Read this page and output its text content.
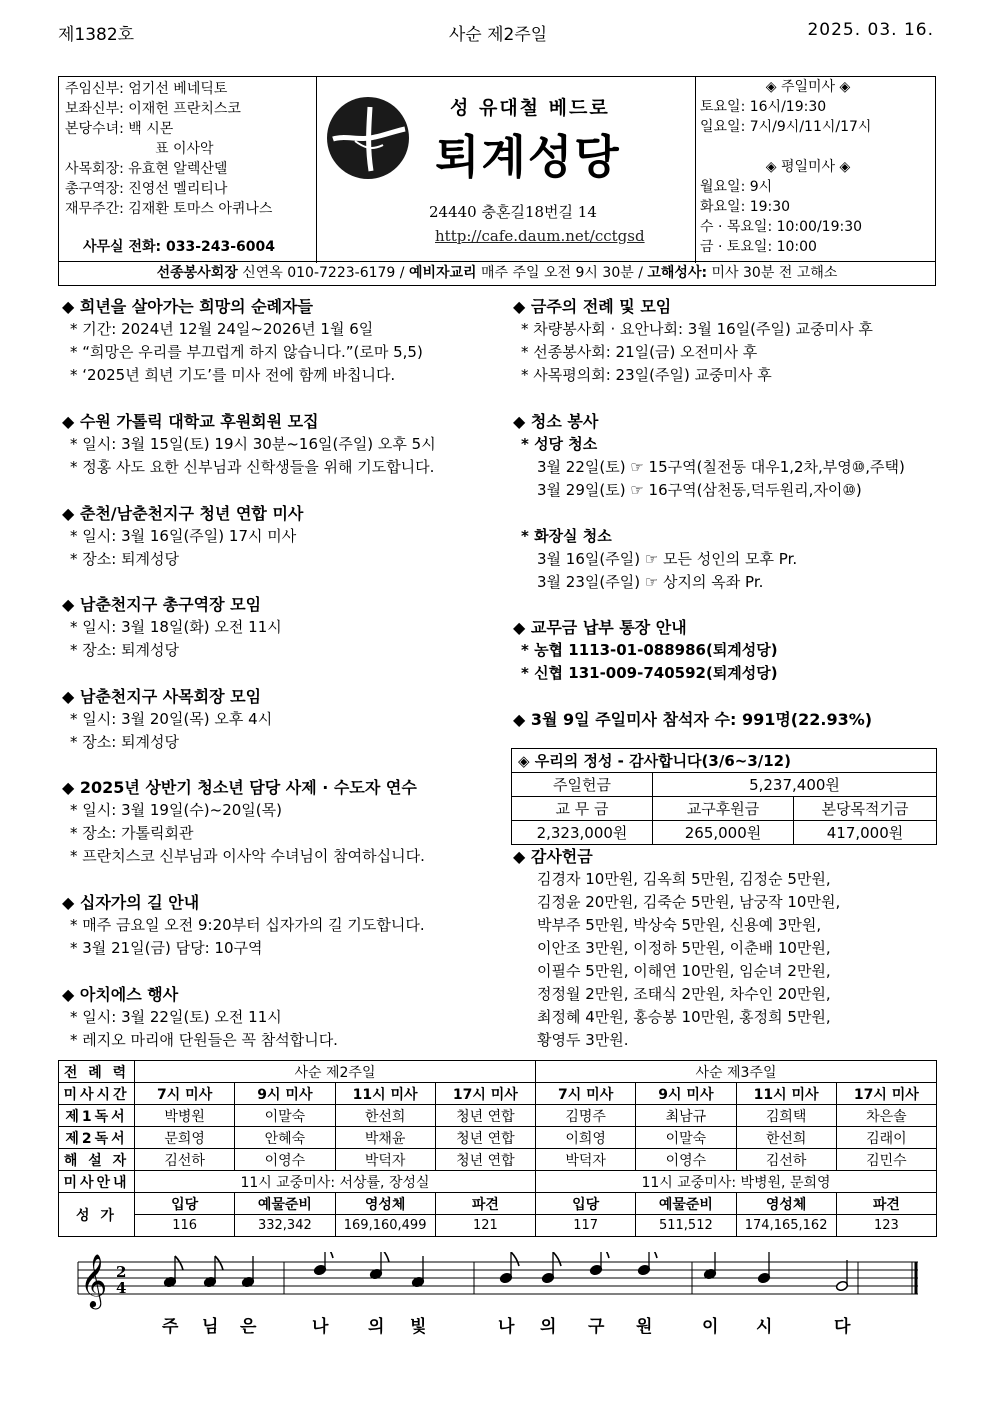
제1382호	사순 제2주일	2025. 03. 16.
주임신부: 엄기선 베네딕토
보좌신부: 이재헌 프란치스코
본당수녀: 백 시몬
표 이사악
사목회장: 유효현 알렉산델
총구역장: 진영선 멜리티나
재무주간: 김재환 토마스 아퀴나스
사무실 전화: 033-243-6004
성 유대철 베드로
퇴계성당
24440 충혼길18번길 14
http://cafe.daum.net/cctgsd
◈ 주일미사 ◈
토요일: 16시/19:30
일요일: 7시/9시/11시/17시
◈ 평일미사 ◈
월요일: 9시
화요일: 19:30
수 · 목요일: 10:00/19:30
금 · 토요일: 10:00
선종봉사회장 신연옥 010-7223-6179 / 예비자교리 매주 주일 오전 9시 30분 / 고해성사: 미사 30분 전 고해소
◆ 희년을 살아가는 희망의 순례자들
* 기간: 2024년 12월 24일~2026년 1월 6일
* “희망은 우리를 부끄럽게 하지 않습니다.”(로마 5,5)
* ‘2025년 희년 기도’를 미사 전에 함께 바칩니다.
◆ 수원 가톨릭 대학교 후원회원 모집
* 일시: 3월 15일(토) 19시 30분~16일(주일) 오후 5시
* 정홍 사도 요한 신부님과 신학생들을 위해 기도합니다.
◆ 춘천/남춘천지구 청년 연합 미사
* 일시: 3월 16일(주일) 17시 미사
* 장소: 퇴계성당
◆ 남춘천지구 총구역장 모임
* 일시: 3월 18일(화) 오전 11시
* 장소: 퇴계성당
◆ 남춘천지구 사목회장 모임
* 일시: 3월 20일(목) 오후 4시
* 장소: 퇴계성당
◆ 2025년 상반기 청소년 담당 사제 · 수도자 연수
* 일시: 3월 19일(수)~20일(목)
* 장소: 가톨릭회관
* 프란치스코 신부님과 이사악 수녀님이 참여하십니다.
◆ 십자가의 길 안내
* 매주 금요일 오전 9:20부터 십자가의 길 기도합니다.
* 3월 21일(금) 담당: 10구역
◆ 아치에스 행사
* 일시: 3월 22일(토) 오전 11시
* 레지오 마리애 단원들은 꼭 참석합니다.
◆ 금주의 전례 및 모임
* 차량봉사회 · 요안나회: 3월 16일(주일) 교중미사 후
* 선종봉사회: 21일(금) 오전미사 후
* 사목평의회: 23일(주일) 교중미사 후
◆ 청소 봉사
* 성당 청소
3월 22일(토) ☞ 15구역(칠전동 대우1,2차,부영⑩,주택)
3월 29일(토) ☞ 16구역(삼천동,덕두원리,자이⑩)
* 화장실 청소
3월 16일(주일) ☞ 모든 성인의 모후 Pr.
3월 23일(주일) ☞ 상지의 옥좌 Pr.
◆ 교무금 납부 통장 안내
* 농협 1113-01-088986(퇴계성당)
* 신협 131-009-740592(퇴계성당)
◆ 3월 9일 주일미사 참석자 수: 991명(22.93%)
◈ 우리의 정성 - 감사합니다(3/6~3/12)		
주일헌금	5,237,400원	
교 무 금	교구후원금	본당목적기금
2,323,000원	265,000원	417,000원
◆ 감사헌금
김경자 10만원, 김옥희 5만원, 김정순 5만원,
김정윤 20만원, 김죽순 5만원, 남궁작 10만원,
박부주 5만원, 박상숙 5만원, 신용예 3만원,
이안조 3만원, 이정하 5만원, 이춘배 10만원,
이필수 5만원, 이해연 10만원, 임순녀 2만원,
정정월 2만원, 조태식 2만원, 차수인 20만원,
최정혜 4만원, 홍승봉 10만원, 홍정희 5만원,
황영두 3만원.
전 례 력	사순 제2주일				사순 제3주일			
미사시간	7시 미사	9시 미사	11시 미사	17시 미사	7시 미사	9시 미사	11시 미사	17시 미사
제1독서	박병원	이말숙	한선희	청년 연합	김명주	최남규	김희택	차은솔
제2독서	문희영	안혜숙	박채윤	청년 연합	이희영	이말숙	한선희	김래이
해 설 자	김선하	이영수	박덕자	청년 연합	박덕자	이영수	김선하	김민수
미사안내	11시 교중미사: 서상률, 장성실				11시 교중미사: 박병원, 문희영			
성 가	입당	예물준비	영성체	파견	입당	예물준비	영성체	파견
	116	332,342	169,160,499	121	117	511,512	174,165,162	123
𝄞 2
4
주 님 은	나 의 빛	나 의 구 원	이 시	다
